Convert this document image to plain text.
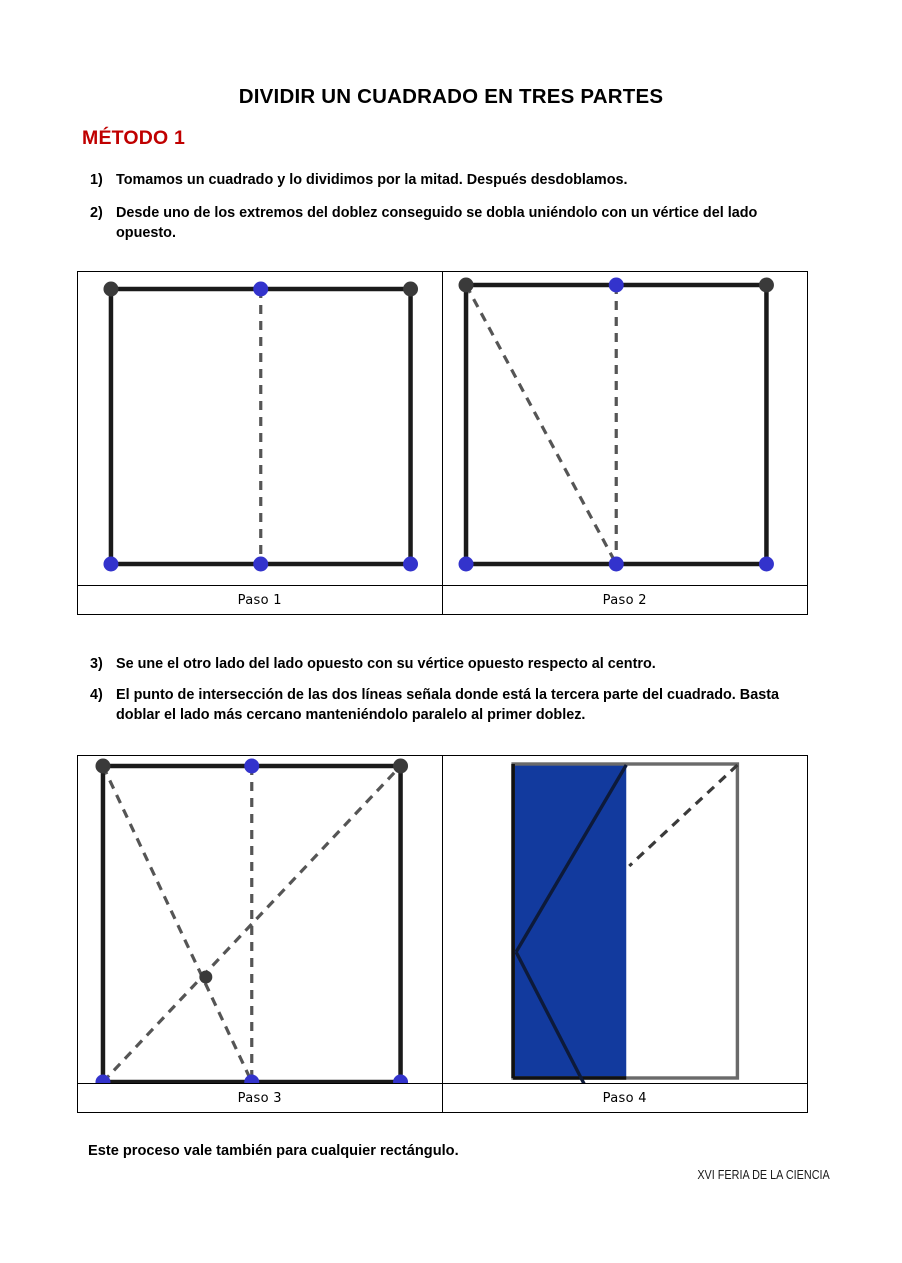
DIVIDIR UN CUADRADO EN TRES PARTES
MÉTODO 1
1) Tomamos un cuadrado y lo dividimos por la mitad. Después desdoblamos.
2) Desde uno de los extremos del doblez conseguido se dobla uniéndolo con un vértice del lado opuesto.
Paso 1	Paso 2
3) Se une el otro lado del lado opuesto con su vértice opuesto respecto al centro.
4) El punto de intersección de las dos líneas señala donde está la tercera parte del cuadrado. Basta doblar el lado más cercano manteniéndolo paralelo al primer doblez.
Paso 3	Paso 4
Este proceso vale también para cualquier rectángulo.
XVI FERIA DE LA CIENCIA
